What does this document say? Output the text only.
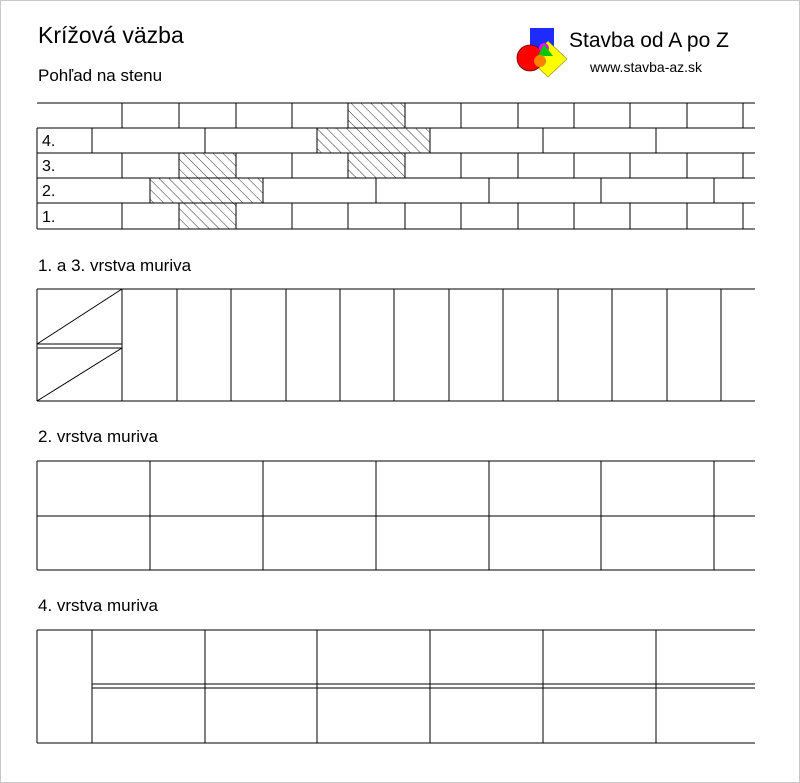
Krížová väzba
Pohľad na stenu
Stavba od A po Z
www.stavba-az.sk
1. a 3. vrstva muriva
2. vrstva muriva
4. vrstva muriva
4.
3.
2.
1.
